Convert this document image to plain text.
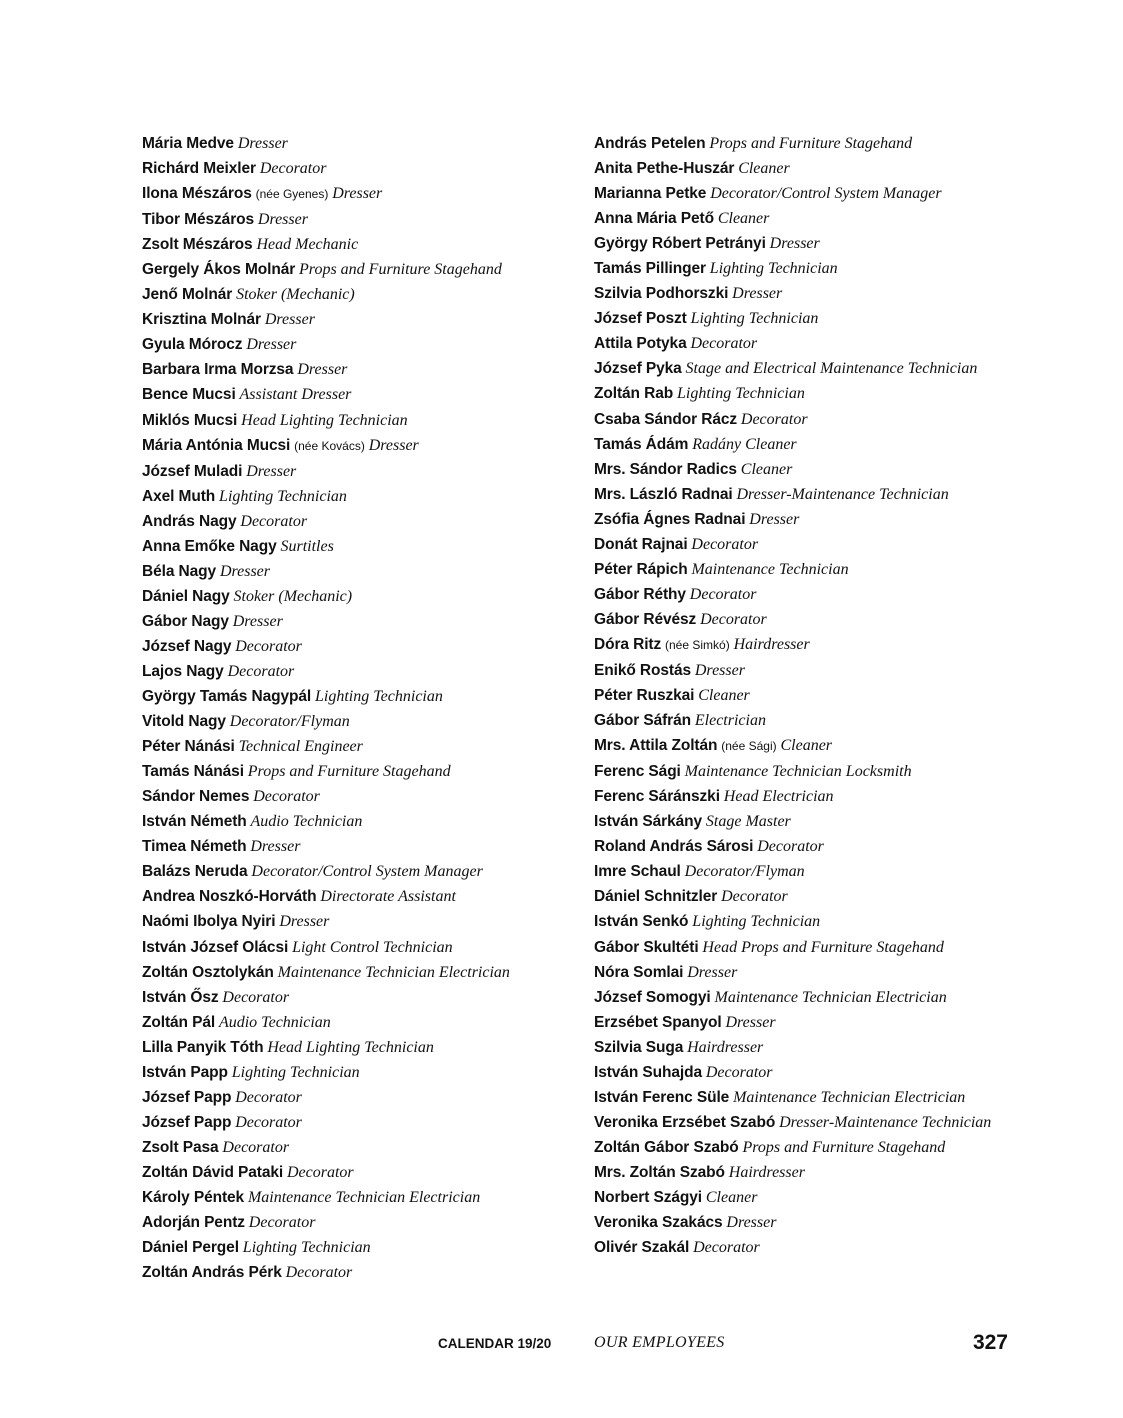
Mária Medve Dresser
Richárd Meixler Decorator
Ilona Mészáros (née Gyenes) Dresser
Tibor Mészáros Dresser
Zsolt Mészáros Head Mechanic
Gergely Ákos Molnár Props and Furniture Stagehand
Jenő Molnár Stoker (Mechanic)
Krisztina Molnár Dresser
Gyula Mórocz Dresser
Barbara Irma Morzsa Dresser
Bence Mucsi Assistant Dresser
Miklós Mucsi Head Lighting Technician
Mária Antónia Mucsi (née Kovács) Dresser
József Muladi Dresser
Axel Muth Lighting Technician
András Nagy Decorator
Anna Emőke Nagy Surtitles
Béla Nagy Dresser
Dániel Nagy Stoker (Mechanic)
Gábor Nagy Dresser
József Nagy Decorator
Lajos Nagy Decorator
György Tamás Nagypál Lighting Technician
Vitold Nagy Decorator/Flyman
Péter Nánási Technical Engineer
Tamás Nánási Props and Furniture Stagehand
Sándor Nemes Decorator
István Németh Audio Technician
Timea Németh Dresser
Balázs Neruda Decorator/Control System Manager
Andrea Noszkó-Horváth Directorate Assistant
Naómi Ibolya Nyiri Dresser
István József Olácsi Light Control Technician
Zoltán Osztolykán Maintenance Technician Electrician
István Ősz Decorator
Zoltán Pál Audio Technician
Lilla Panyik Tóth Head Lighting Technician
István Papp Lighting Technician
József Papp Decorator
József Papp Decorator
Zsolt Pasa Decorator
Zoltán Dávid Pataki Decorator
Károly Péntek Maintenance Technician Electrician
Adorján Pentz Decorator
Dániel Pergel Lighting Technician
Zoltán András Pérk Decorator
András Petelen Props and Furniture Stagehand
Anita Pethe-Huszár Cleaner
Marianna Petke Decorator/Control System Manager
Anna Mária Pető Cleaner
György Róbert Petrányi Dresser
Tamás Pillinger Lighting Technician
Szilvia Podhorszki Dresser
József Poszt Lighting Technician
Attila Potyka Decorator
József Pyka Stage and Electrical Maintenance Technician
Zoltán Rab Lighting Technician
Csaba Sándor Rácz Decorator
Tamás Ádám Radány Cleaner
Mrs. Sándor Radics Cleaner
Mrs. László Radnai Dresser-Maintenance Technician
Zsófia Ágnes Radnai Dresser
Donát Rajnai Decorator
Péter Rápich Maintenance Technician
Gábor Réthy Decorator
Gábor Révész Decorator
Dóra Ritz (née Simkó) Hairdresser
Enikő Rostás Dresser
Péter Ruszkai Cleaner
Gábor Sáfrán Electrician
Mrs. Attila Zoltán (née Sági) Cleaner
Ferenc Sági Maintenance Technician Locksmith
Ferenc Sáránszki Head Electrician
István Sárkány Stage Master
Roland András Sárosi Decorator
Imre Schaul Decorator/Flyman
Dániel Schnitzler Decorator
István Senkó Lighting Technician
Gábor Skultéti Head Props and Furniture Stagehand
Nóra Somlai Dresser
József Somogyi Maintenance Technician Electrician
Erzsébet Spanyol Dresser
Szilvia Suga Hairdresser
István Suhajda Decorator
István Ferenc Süle Maintenance Technician Electrician
Veronika Erzsébet Szabó Dresser-Maintenance Technician
Zoltán Gábor Szabó Props and Furniture Stagehand
Mrs. Zoltán Szabó Hairdresser
Norbert Szágyi Cleaner
Veronika Szakács Dresser
Olivér Szakál Decorator
CALENDAR 19/20	OUR EMPLOYEES	327
